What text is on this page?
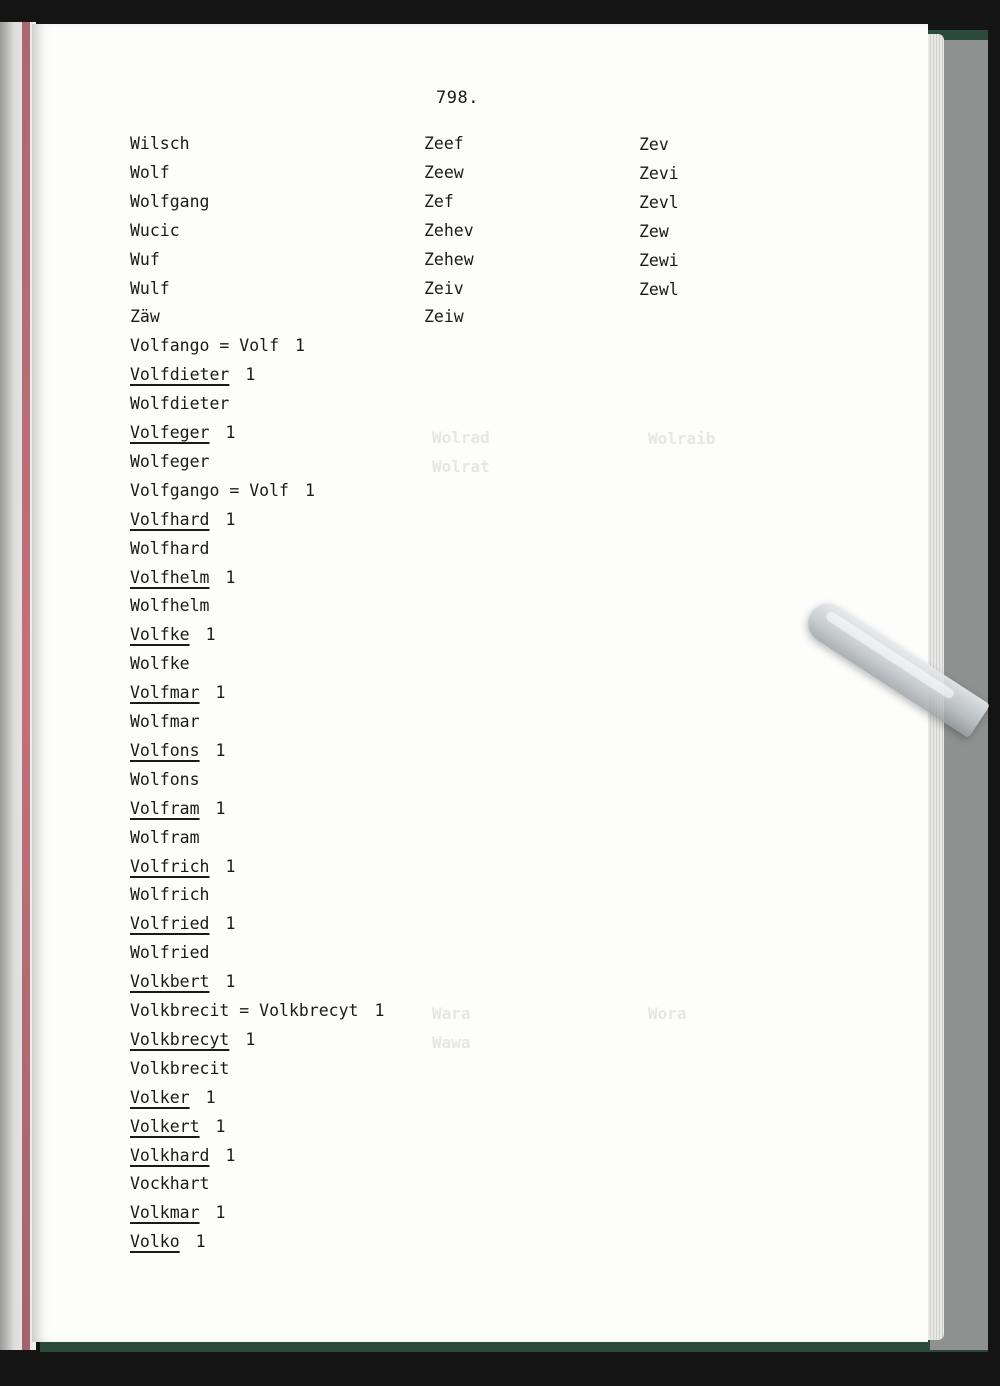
798.
Wolrad
Wolrat
Wolraib
Wara
Wawa
Wora
Wilsch
Wolf
Wolfgang
Wucic
Wuf
Wulf
Zäw
Volfango = Volf 1
Volfdieter 1
Wolfdieter
Volfeger 1
Wolfeger
Volfgango = Volf 1
Volfhard 1
Wolfhard
Volfhelm 1
Wolfhelm
Volfke 1
Wolfke
Volfmar 1
Wolfmar
Volfons 1
Wolfons
Volfram 1
Wolfram
Volfrich 1
Wolfrich
Volfried 1
Wolfried
Volkbert 1
Volkbrecit = Volkbrecyt 1
Volkbrecyt 1
Volkbrecit
Volker 1
Volkert 1
Volkhard 1
Vockhart
Volkmar 1
Volko 1
Zeef
Zeew
Zef
Zehev
Zehew
Zeiv
Zeiw
Zev
Zevi
Zevl
Zew
Zewi
Zewl
